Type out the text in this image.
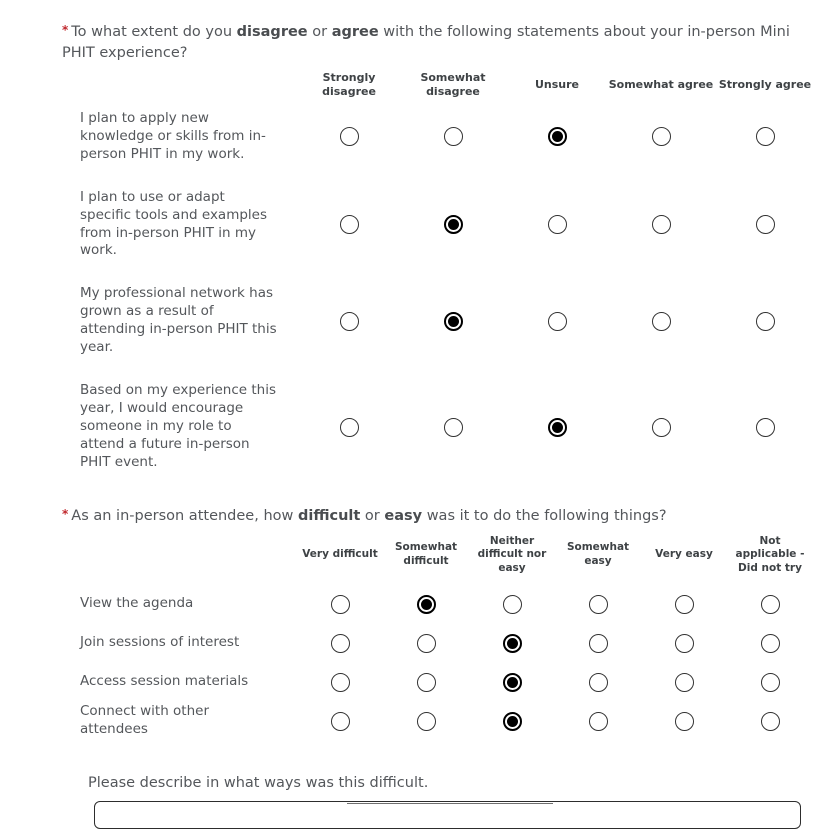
* To what extent do you disagree or agree with the following statements about your in-person Mini PHIT experience?
Strongly
disagree
Somewhat
disagree
Unsure	Somewhat agree Strongly agree
I plan to apply new knowledge or skills from in-person PHIT in my work.
I plan to use or adapt specific tools and examples from in-person PHIT in my work.
My professional network has grown as a result of attending in-person PHIT this year.
Based on my experience this year, I would encourage someone in my role to attend a future in-person PHIT event.
* As an in-person attendee, how difficult or easy was it to do the following things?
Very difficult
Somewhat
difficult
Neither
difficult nor
easy
Somewhat
easy
Very easy
Not
applicable -
Did not try
View the agenda
Join sessions of interest
Access session materials
Connect with other attendees
Please describe in what ways was this difficult.
